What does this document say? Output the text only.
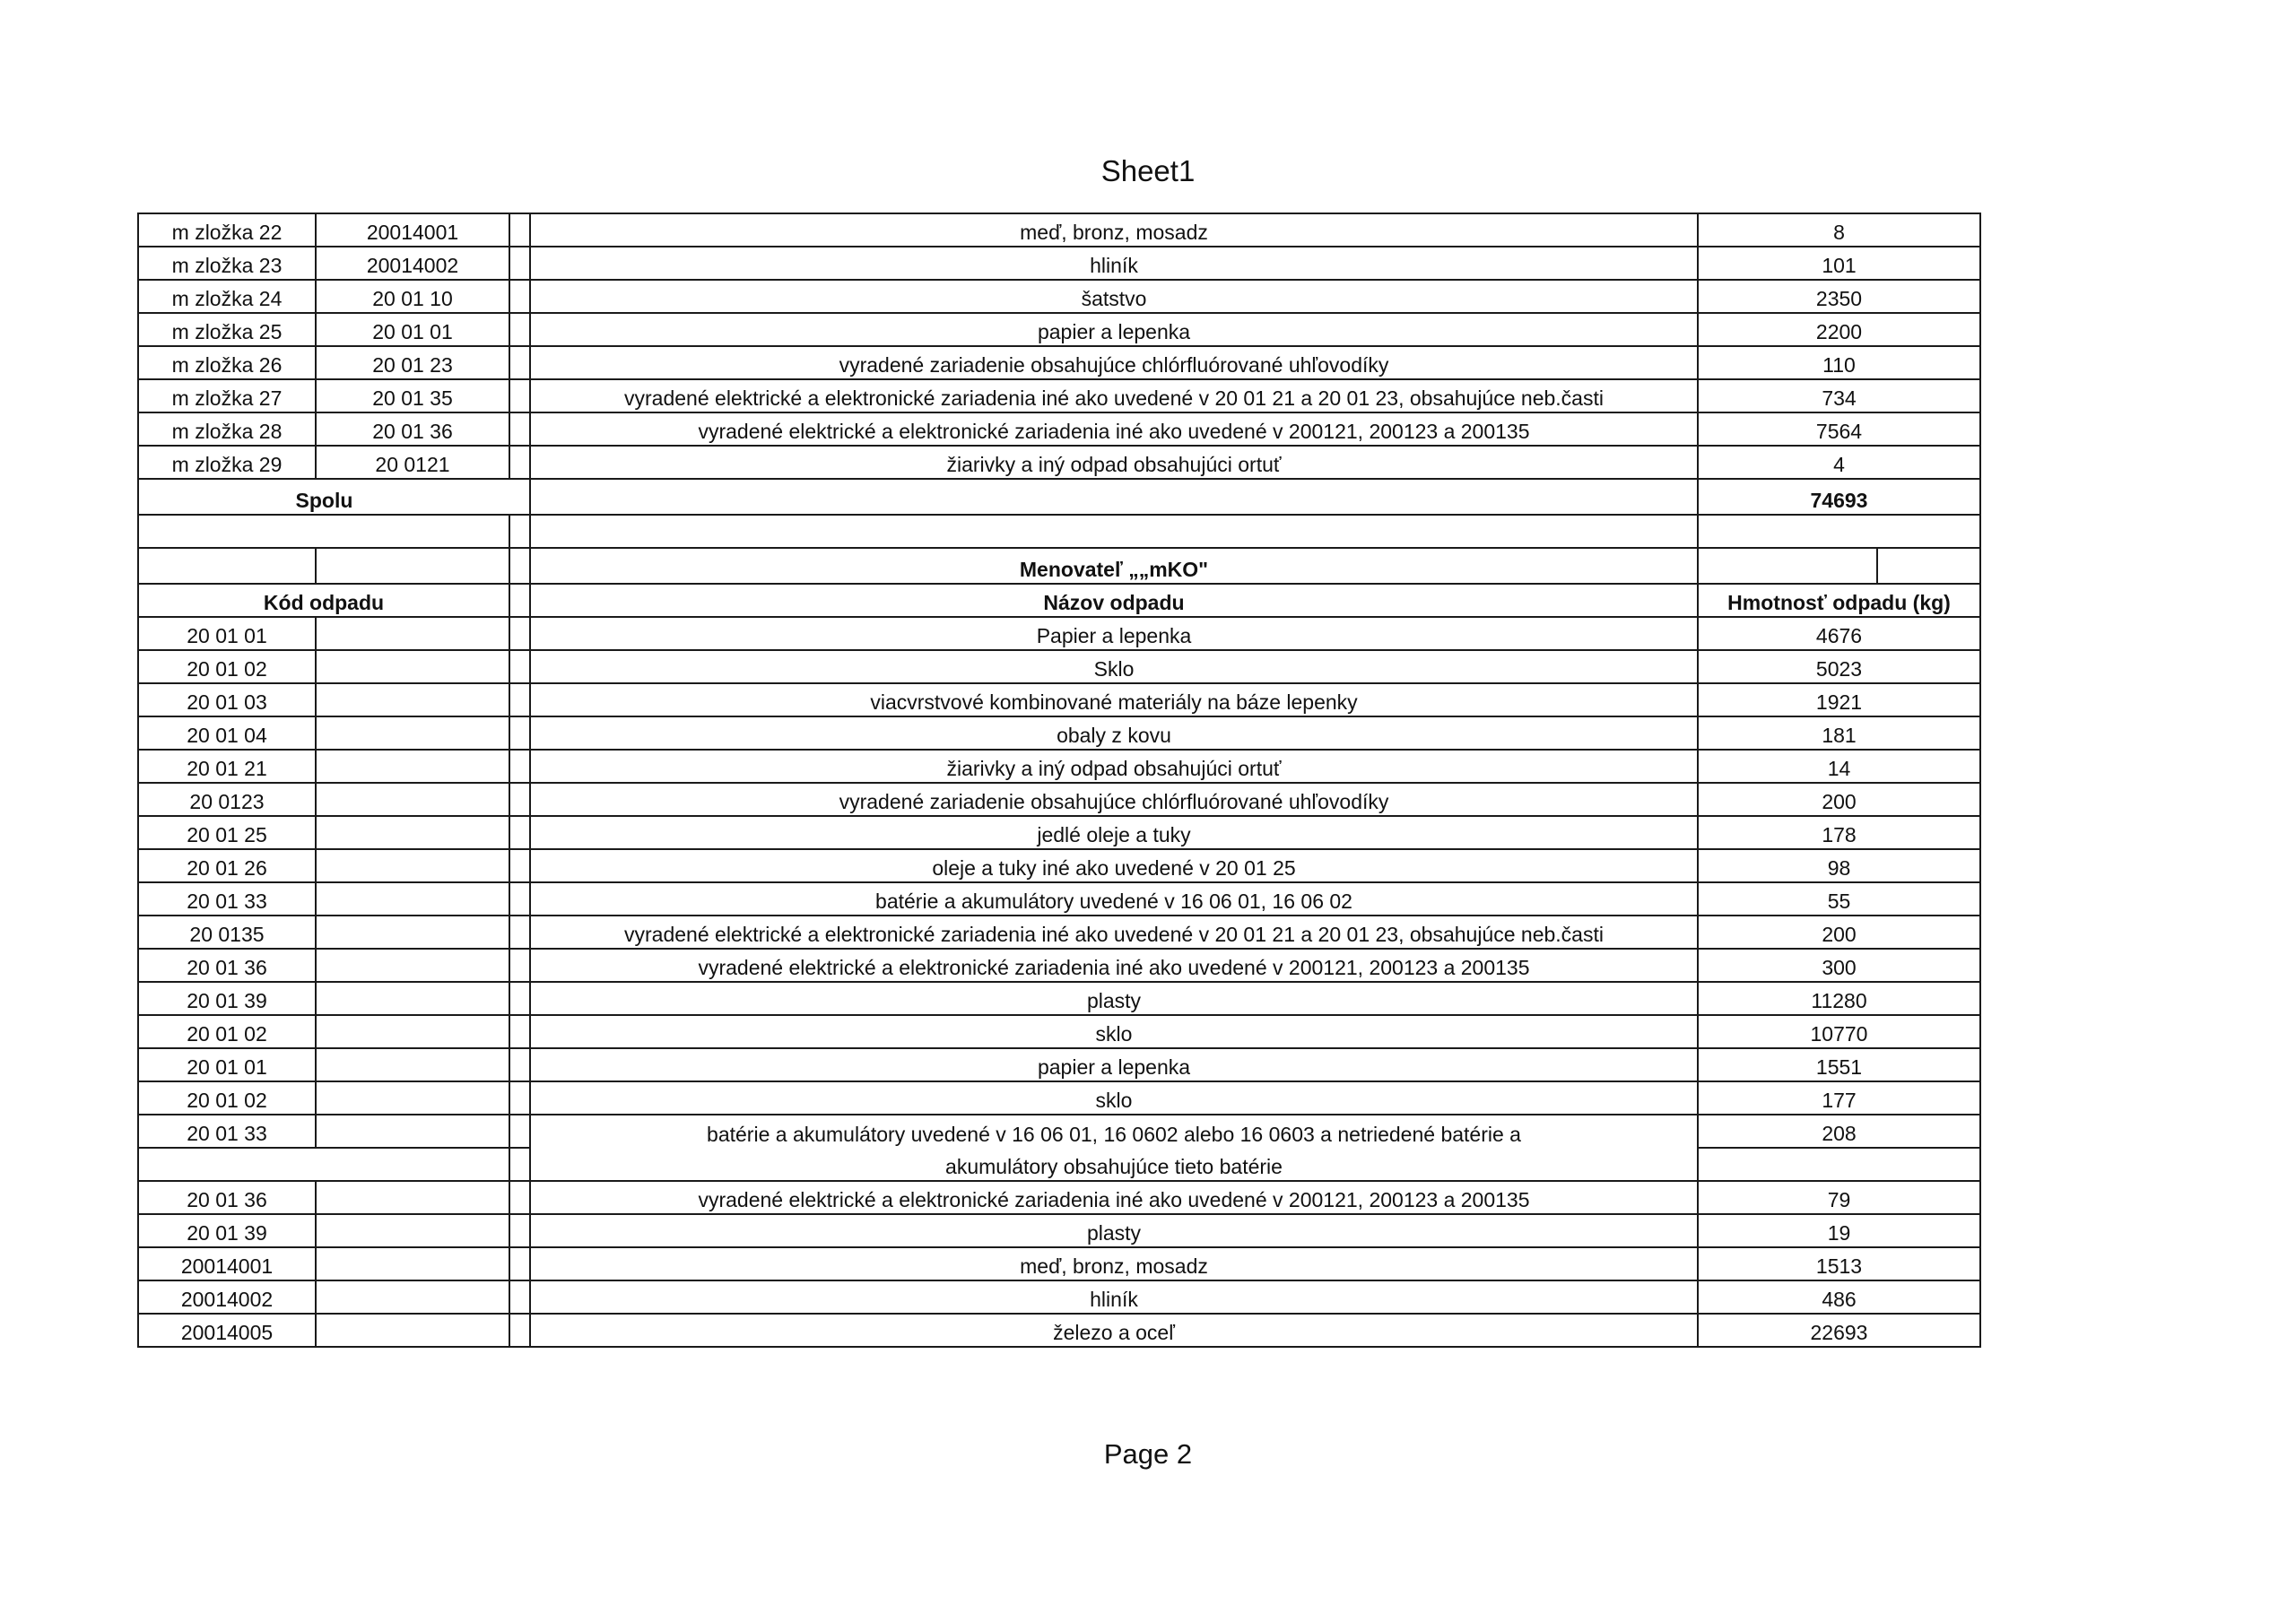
Sheet1
m zložka 22	20014001		meď, bronz, mosadz	8	
m zložka 23	20014002		hliník	101	
m zložka 24	20 01 10		šatstvo	2350	
m zložka 25	20 01 01		papier a lepenka	2200	
m zložka 26	20 01 23		vyradené zariadenie obsahujúce chlórfluórované uhľovodíky	110	
m zložka 27	20 01 35		vyradené elektrické a elektronické zariadenia iné ako uvedené v 20 01 21 a 20 01 23, obsahujúce neb.časti	734	
m zložka 28	20 01 36		vyradené elektrické a elektronické zariadenia iné ako uvedené v 200121, 200123 a 200135	7564	
m zložka 29	20 0121		žiarivky a iný odpad obsahujúci ortuť	4	
Spolu				74693	

			Menovateľ „„mKO"		
Kód odpadu			Názov odpadu	Hmotnosť odpadu (kg)	
20 01 01			Papier a lepenka	4676	
20 01 02			Sklo	5023	
20 01 03			viacvrstvové kombinované materiály na báze lepenky	1921	
20 01 04			obaly z kovu	181	
20 01 21			žiarivky a iný odpad obsahujúci ortuť	14	
20 0123			vyradené zariadenie obsahujúce chlórfluórované uhľovodíky	200	
20 01 25			jedlé oleje a tuky	178	
20 01 26			oleje a tuky iné ako uvedené v 20 01 25	98	
20 01 33			batérie a akumulátory uvedené v 16 06 01, 16 06 02	55	
20 0135			vyradené elektrické a elektronické zariadenia iné ako uvedené v 20 01 21 a 20 01 23, obsahujúce neb.časti	200	
20 01 36			vyradené elektrické a elektronické zariadenia iné ako uvedené v 200121, 200123 a 200135	300	
20 01 39			plasty	11280	
20 01 02			sklo	10770	
20 01 01			papier a lepenka	1551	
20 01 02			sklo	177	
20 01 33			batérie a akumulátory uvedené v 16 06 01, 16 0602 alebo 16 0603 a netriedené batérie a	208	
			akumulátory obsahujúce tieto batérie		
20 01 36			vyradené elektrické a elektronické zariadenia iné ako uvedené v 200121, 200123 a 200135	79	
20 01 39			plasty	19	
20014001			meď, bronz, mosadz	1513	
20014002			hliník	486	
20014005			železo a oceľ	22693	
Page 2
